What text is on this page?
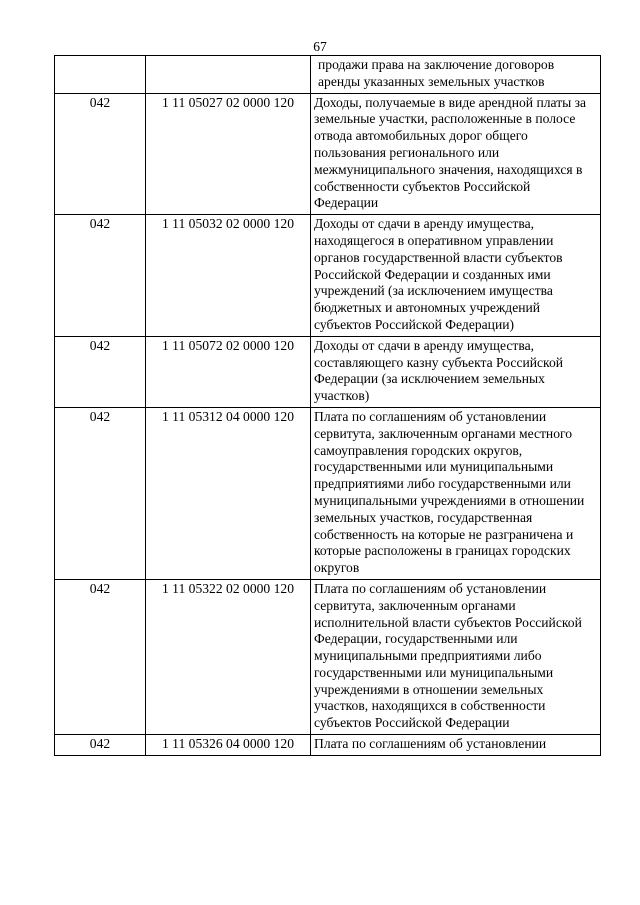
67

		продажи права на заключение договоров аренды указанных земельных участков

042	1 11 05027 02 0000 120	Доходы, получаемые в виде арендной платы за земельные участки, расположенные в полосе отвода автомобильных дорог общего пользования регионального или межмуниципального значения, находящихся в собственности субъектов Российской Федерации

042	1 11 05032 02 0000 120	Доходы от сдачи в аренду имущества, находящегося в оперативном управлении органов государственной власти субъектов Российской Федерации и созданных ими учреждений (за исключением имущества бюджетных и автономных учреждений субъектов Российской Федерации)

042	1 11 05072 02 0000 120	Доходы от сдачи в аренду имущества, составляющего казну субъекта Российской Федерации (за исключением земельных участков)

042	1 11 05312 04 0000 120	Плата по соглашениям об установлении сервитута, заключенным органами местного самоуправления городских округов, государственными или муниципальными предприятиями либо государственными или муниципальными учреждениями в отношении земельных участков, государственная собственность на которые не разграничена и которые расположены в границах городских округов

042	1 11 05322 02 0000 120	Плата по соглашениям об установлении сервитута, заключенным органами исполнительной власти субъектов Российской Федерации, государственными или муниципальными предприятиями либо государственными или муниципальными учреждениями в отношении земельных участков, находящихся в собственности субъектов Российской Федерации

042	1 11 05326 04 0000 120	Плата по соглашениям об установлении
